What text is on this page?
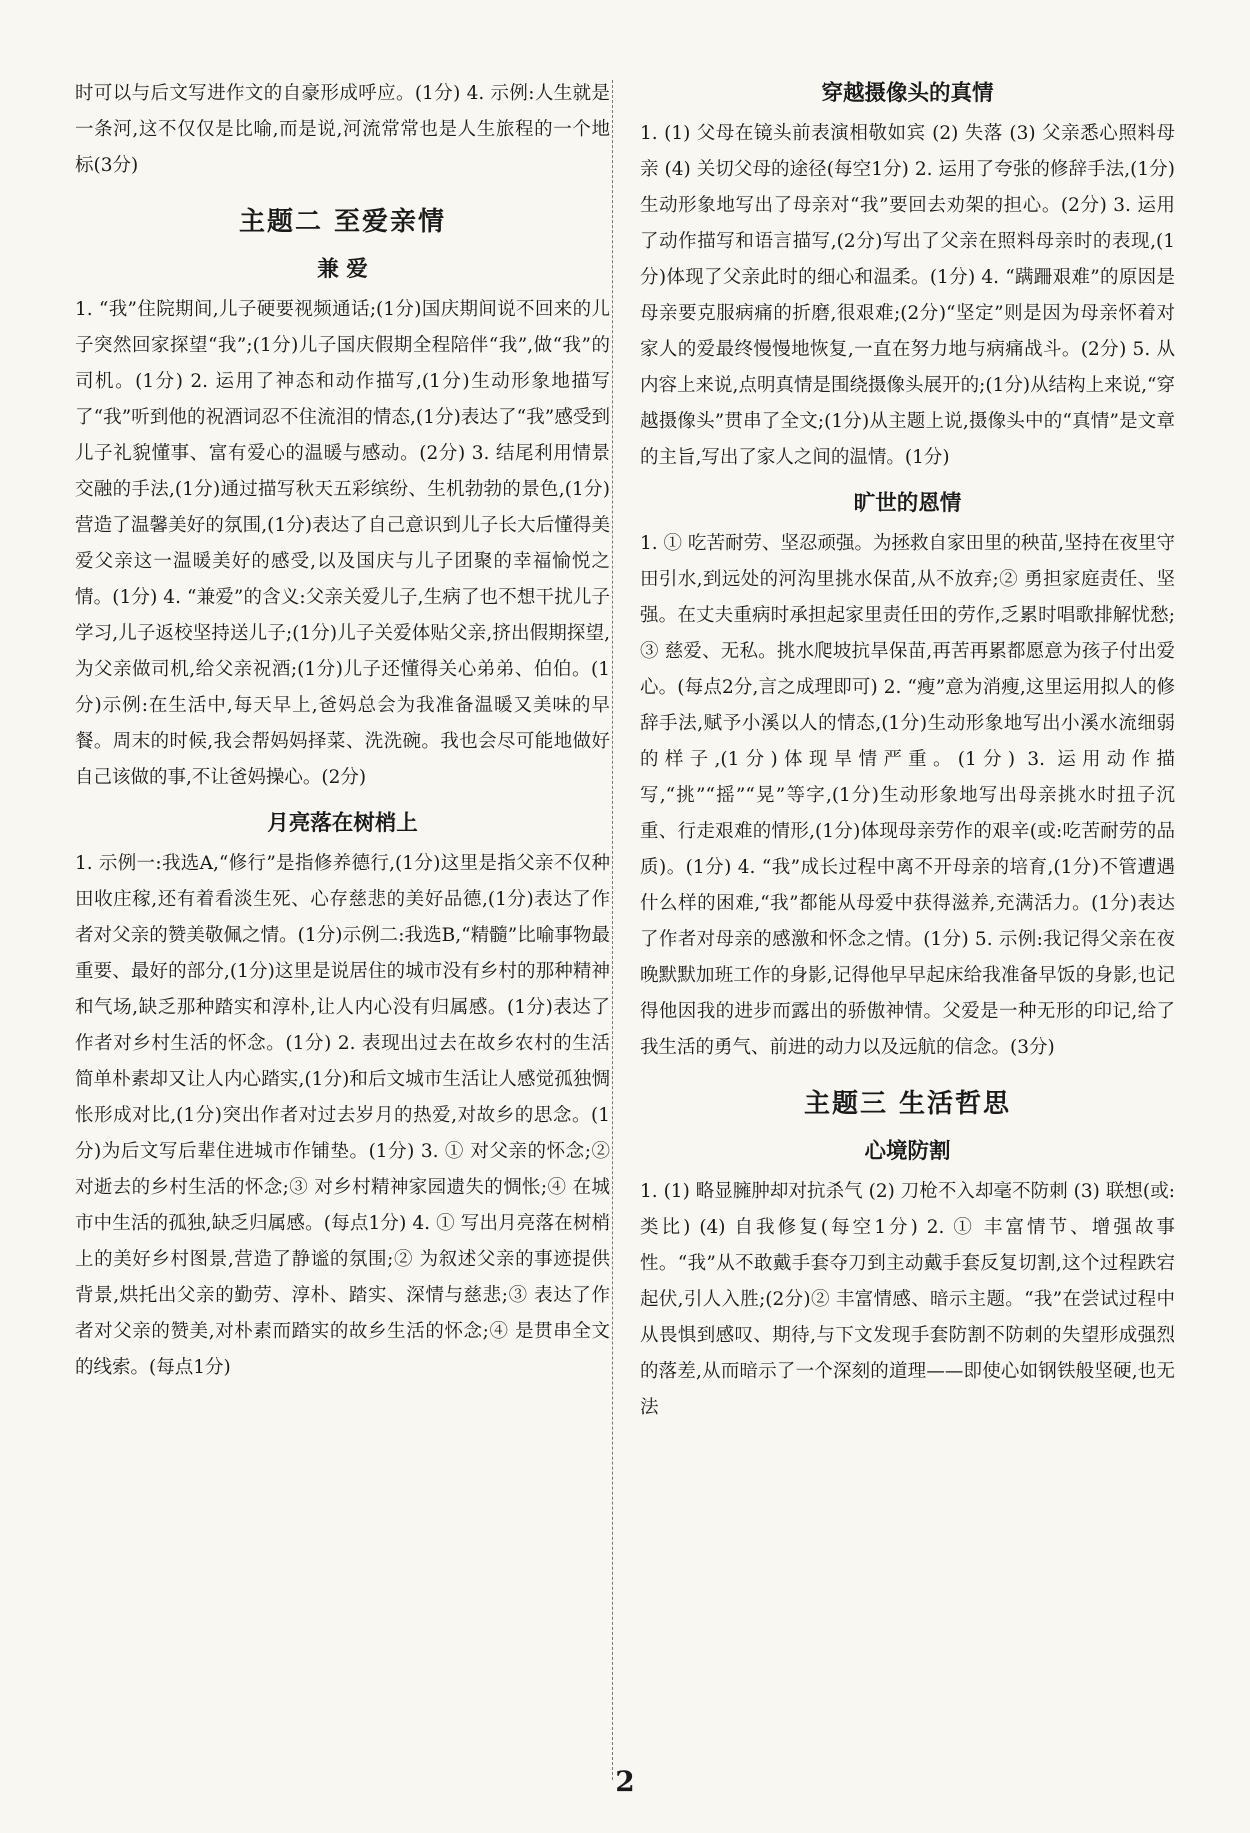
时可以与后文写进作文的自豪形成呼应。(1分) 4. 示例:人生就是一条河,这不仅仅是比喻,而是说,河流常常也是人生旅程的一个地标(3分)

主题二 至爱亲情
兼 爱

1. “我”住院期间,儿子硬要视频通话;(1分)国庆期间说不回来的儿子突然回家探望“我”;(1分)儿子国庆假期全程陪伴“我”,做“我”的司机。(1分) 2. 运用了神态和动作描写,(1分)生动形象地描写了“我”听到他的祝酒词忍不住流泪的情态,(1分)表达了“我”感受到儿子礼貌懂事、富有爱心的温暖与感动。(2分) 3. 结尾利用情景交融的手法,(1分)通过描写秋天五彩缤纷、生机勃勃的景色,(1分)营造了温馨美好的氛围,(1分)表达了自己意识到儿子长大后懂得美爱父亲这一温暖美好的感受,以及国庆与儿子团聚的幸福愉悦之情。(1分) 4. “兼爱”的含义:父亲关爱儿子,生病了也不想干扰儿子学习,儿子返校坚持送儿子;(1分)儿子关爱体贴父亲,挤出假期探望,为父亲做司机,给父亲祝酒;(1分)儿子还懂得关心弟弟、伯伯。(1分)示例:在生活中,每天早上,爸妈总会为我准备温暖又美味的早餐。周末的时候,我会帮妈妈择菜、洗洗碗。我也会尽可能地做好自己该做的事,不让爸妈操心。(2分)

月亮落在树梢上

1. 示例一:我选A,“修行”是指修养德行,(1分)这里是指父亲不仅种田收庄稼,还有着看淡生死、心存慈悲的美好品德,(1分)表达了作者对父亲的赞美敬佩之情。(1分)示例二:我选B,“精髓”比喻事物最重要、最好的部分,(1分)这里是说居住的城市没有乡村的那种精神和气场,缺乏那种踏实和淳朴,让人内心没有归属感。(1分)表达了作者对乡村生活的怀念。(1分) 2. 表现出过去在故乡农村的生活简单朴素却又让人内心踏实,(1分)和后文城市生活让人感觉孤独惆怅形成对比,(1分)突出作者对过去岁月的热爱,对故乡的思念。(1分)为后文写后辈住进城市作铺垫。(1分) 3. ① 对父亲的怀念;② 对逝去的乡村生活的怀念;③ 对乡村精神家园遗失的惆怅;④ 在城市中生活的孤独,缺乏归属感。(每点1分) 4. ① 写出月亮落在树梢上的美好乡村图景,营造了静谧的氛围;② 为叙述父亲的事迹提供背景,烘托出父亲的勤劳、淳朴、踏实、深情与慈悲;③ 表达了作者对父亲的赞美,对朴素而踏实的故乡生活的怀念;④ 是贯串全文的线索。(每点1分)

穿越摄像头的真情

1. (1) 父母在镜头前表演相敬如宾 (2) 失落 (3) 父亲悉心照料母亲 (4) 关切父母的途径(每空1分) 2. 运用了夸张的修辞手法,(1分)生动形象地写出了母亲对“我”要回去劝架的担心。(2分) 3. 运用了动作描写和语言描写,(2分)写出了父亲在照料母亲时的表现,(1分)体现了父亲此时的细心和温柔。(1分) 4. “蹒跚艰难”的原因是母亲要克服病痛的折磨,很艰难;(2分)“坚定”则是因为母亲怀着对家人的爱最终慢慢地恢复,一直在努力地与病痛战斗。(2分) 5. 从内容上来说,点明真情是围绕摄像头展开的;(1分)从结构上来说,“穿越摄像头”贯串了全文;(1分)从主题上说,摄像头中的“真情”是文章的主旨,写出了家人之间的温情。(1分)

旷世的恩情

1. ① 吃苦耐劳、坚忍顽强。为拯救自家田里的秧苗,坚持在夜里守田引水,到远处的河沟里挑水保苗,从不放弃;② 勇担家庭责任、坚强。在丈夫重病时承担起家里责任田的劳作,乏累时唱歌排解忧愁;③ 慈爱、无私。挑水爬坡抗旱保苗,再苦再累都愿意为孩子付出爱心。(每点2分,言之成理即可) 2. “瘦”意为消瘦,这里运用拟人的修辞手法,赋予小溪以人的情态,(1分)生动形象地写出小溪水流细弱的样子,(1分)体现旱情严重。(1分) 3. 运用动作描写,“挑”“摇”“晃”等字,(1分)生动形象地写出母亲挑水时扭子沉重、行走艰难的情形,(1分)体现母亲劳作的艰辛(或:吃苦耐劳的品质)。(1分) 4. “我”成长过程中离不开母亲的培育,(1分)不管遭遇什么样的困难,“我”都能从母爱中获得滋养,充满活力。(1分)表达了作者对母亲的感激和怀念之情。(1分) 5. 示例:我记得父亲在夜晚默默加班工作的身影,记得他早早起床给我准备早饭的身影,也记得他因我的进步而露出的骄傲神情。父爱是一种无形的印记,给了我生活的勇气、前进的动力以及远航的信念。(3分)

主题三 生活哲思
心境防割

1. (1) 略显臃肿却对抗杀气 (2) 刀枪不入却毫不防刺 (3) 联想(或:类比) (4) 自我修复(每空1分) 2. ① 丰富情节、增强故事性。“我”从不敢戴手套夺刀到主动戴手套反复切割,这个过程跌宕起伏,引人入胜;(2分)② 丰富情感、暗示主题。“我”在尝试过程中从畏惧到感叹、期待,与下文发现手套防割不防刺的失望形成强烈的落差,从而暗示了一个深刻的道理——即使心如钢铁般坚硬,也无法

2
